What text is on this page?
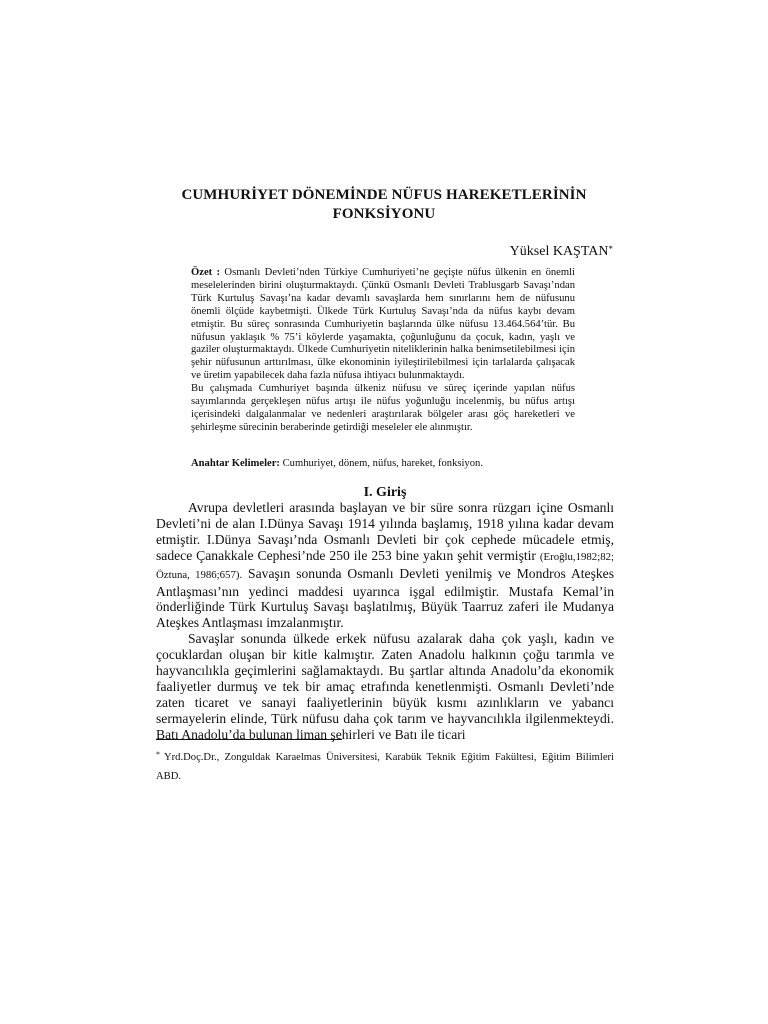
CUMHURİYET DÖNEMİNDE NÜFUS HAREKETLERİNİN FONKSİYONU
Yüksel KAŞTAN*

Özet : Osmanlı Devleti’nden Türkiye Cumhuriyeti’ne geçişte nüfus ülkenin en önemli meselelerinden birini oluşturmaktaydı. Çünkü Osmanlı Devleti Trablusgarb Savaşı’ndan Türk Kurtuluş Savaşı’na kadar devamlı savaşlarda hem sınırlarını hem de nüfusunu önemli ölçüde kaybetmişti. Ülkede Türk Kurtuluş Savaşı’nda da nüfus kaybı devam etmiştir. Bu süreç sonrasında Cumhuriyetin başlarında ülke nüfusu 13.464.564’tür. Bu nüfusun yaklaşık % 75’i köylerde yaşamakta, çoğunluğunu da çocuk, kadın, yaşlı ve gaziler oluşturmaktaydı. Ülkede Cumhuriyetin niteliklerinin halka benimsetilebilmesi için şehir nüfusunun arttırılması, ülke ekonominin iyileştirilebilmesi için tarlalarda çalışacak ve üretim yapabilecek daha fazla nüfusa ihtiyacı bulunmaktaydı.

Bu çalışmada Cumhuriyet başında ülkeniz nüfusu ve süreç içerinde yapılan nüfus sayımlarında gerçekleşen nüfus artışı ile nüfus yoğunluğu incelenmiş, bu nüfus artışı içerisindeki dalgalanmalar ve nedenleri araştırılarak bölgeler arası göç hareketleri ve şehirleşme sürecinin beraberinde getirdiği meseleler ele alınmıştır.

Anahtar Kelimeler: Cumhuriyet, dönem, nüfus, hareket, fonksiyon.
I. Giriş

Avrupa devletleri arasında başlayan ve bir süre sonra rüzgarı içine Osmanlı Devleti’ni de alan I.Dünya Savaşı 1914 yılında başlamış, 1918 yılına kadar devam etmiştir. I.Dünya Savaşı’nda Osmanlı Devleti bir çok cephede mücadele etmiş, sadece Çanakkale Cephesi’nde 250 ile 253 bine yakın şehit vermiştir (Eroğlu,1982;82; Öztuna, 1986;657). Savaşın sonunda Osmanlı Devleti yenilmiş ve Mondros Ateşkes Antlaşması’nın yedinci maddesi uyarınca işgal edilmiştir. Mustafa Kemal’in önderliğinde Türk Kurtuluş Savaşı başlatılmış, Büyük Taarruz zaferi ile Mudanya Ateşkes Antlaşması imzalanmıştır.

Savaşlar sonunda ülkede erkek nüfusu azalarak daha çok yaşlı, kadın ve çocuklardan oluşan bir kitle kalmıştır. Zaten Anadolu halkının çoğu tarımla ve hayvancılıkla geçimlerini sağlamaktaydı. Bu şartlar altında Anadolu’da ekonomik faaliyetler durmuş ve tek bir amaç etrafında kenetlenmişti. Osmanlı Devleti’nde zaten ticaret ve sanayi faaliyetlerinin büyük kısmı azınlıkların ve yabancı sermayelerin elinde, Türk nüfusu daha çok tarım ve hayvancılıkla ilgilenmekteydi. Batı Anadolu’da bulunan liman şehirleri ve Batı ile ticari

* Yrd.Doç.Dr., Zonguldak Karaelmas Üniversitesi, Karabük Teknik Eğitim Fakültesi, Eğitim Bilimleri ABD.
